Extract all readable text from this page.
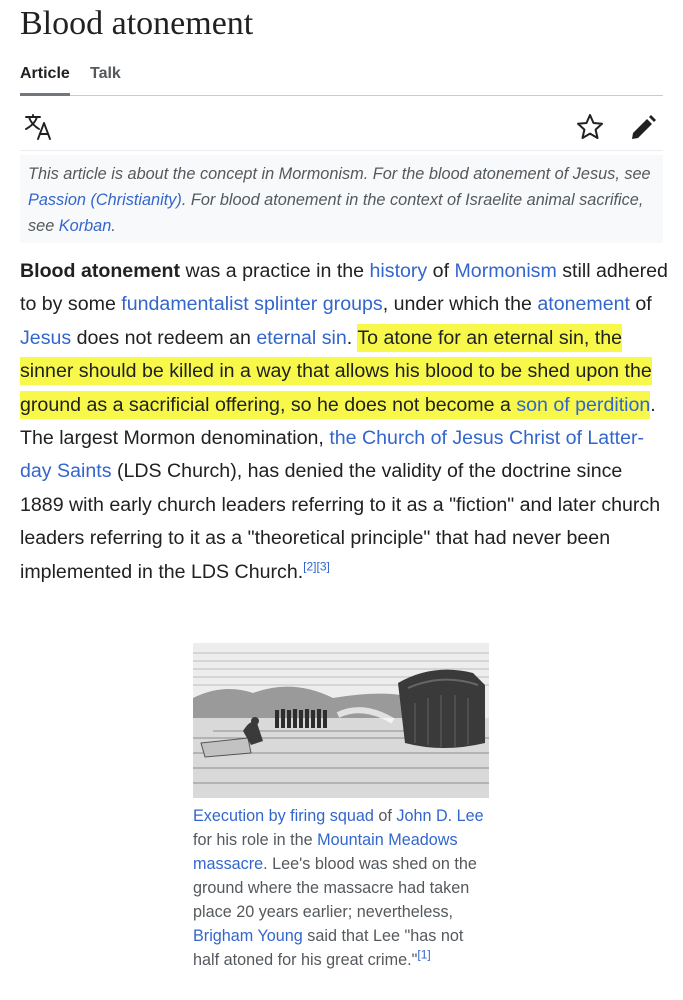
Blood atonement
Article Talk
This article is about the concept in Mormonism. For the blood atonement of Jesus, see Passion (Christianity). For blood atonement in the context of Israelite animal sacrifice, see Korban.

Blood atonement was a practice in the history of Mormonism still adhered to by some fundamentalist splinter groups, under which the atonement of Jesus does not redeem an eternal sin. To atone for an eternal sin, the sinner should be killed in a way that allows his blood to be shed upon the ground as a sacrificial offering, so he does not become a son of perdition. The largest Mormon denomination, the Church of Jesus Christ of Latter-day Saints (LDS Church), has denied the validity of the doctrine since 1889 with early church leaders referring to it as a "fiction" and later church leaders referring to it as a "theoretical principle" that had never been implemented in the LDS Church.[2][3]

Execution by firing squad of John D. Lee for his role in the Mountain Meadows massacre. Lee's blood was shed on the ground where the massacre had taken place 20 years earlier; nevertheless, Brigham Young said that Lee "has not half atoned for his great crime."[1]
